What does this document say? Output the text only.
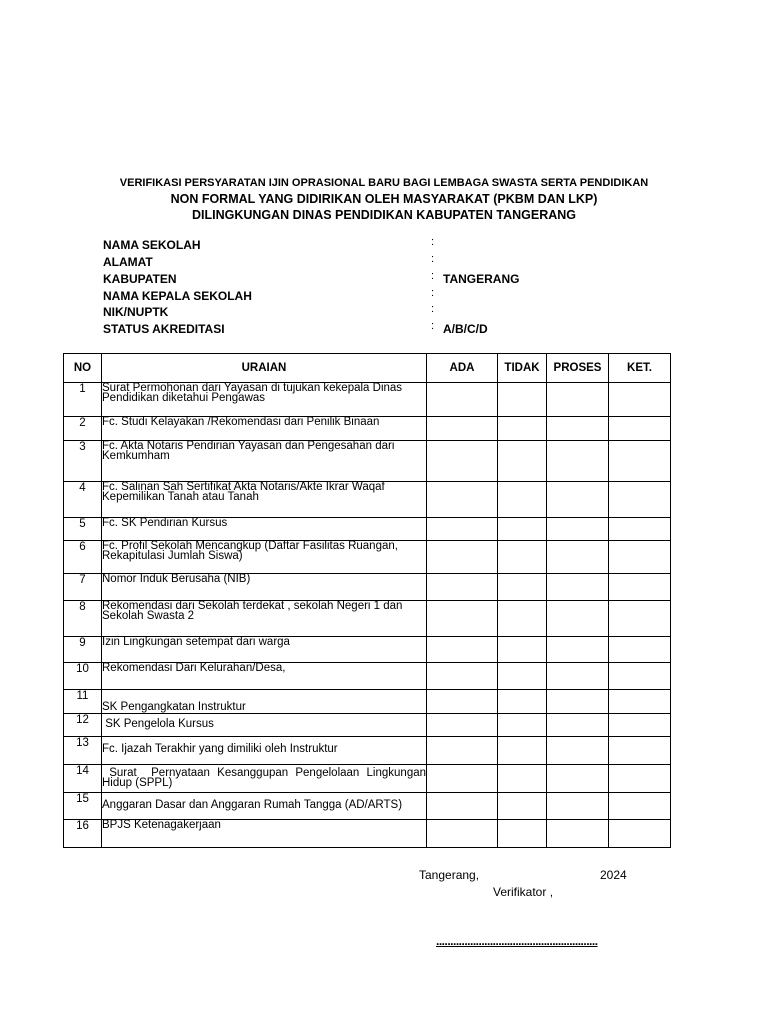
VERIFIKASI PERSYARATAN IJIN OPRASIONAL BARU BAGI LEMBAGA SWASTA SERTA PENDIDIKAN
NON FORMAL YANG DIDIRIKAN OLEH MASYARAKAT (PKBM DAN LKP)
DILINGKUNGAN DINAS PENDIDIKAN KABUPATEN TANGERANG
NAMA SEKOLAH	:
ALAMAT	:
KABUPATEN	: TANGERANG
NAMA KEPALA SEKOLAH	:
NIK/NUPTK	:
STATUS AKREDITASI	: A/B/C/D
NO	URAIAN	ADA	TIDAK	PROSES	KET.
1	Surat Permohonan dari Yayasan di tujukan kekepala Dinas Pendidikan diketahui Pengawas				
2	Fc. Studi Kelayakan /Rekomendasi dari Penilik Binaan				
3	Fc. Akta Notaris Pendirian Yayasan dan Pengesahan dari Kemkumham				
4	Fc. Salinan Sah Sertifikat Akta Notaris/Akte Ikrar Waqaf Kepemilikan Tanah atau Tanah				
5	Fc. SK Pendirian Kursus				
6	Fc. Profil Sekolah Mencangkup (Daftar Fasilitas Ruangan, Rekapitulasi Jumlah Siswa)				
7	Nomor Induk Berusaha (NIB)				
8	Rekomendasi dari Sekolah terdekat , sekolah Negeri 1 dan Sekolah Swasta 2				
9	Izin Lingkungan setempat dari warga				
10	Rekomendasi Dari Kelurahan/Desa,				
11	SK Pengangkatan Instruktur				
12	SK Pengelola Kursus				
13	Fc. Ijazah Terakhir yang dimiliki oleh Instruktur				
14	Surat    Pernyataan  Kesanggupan  Pengelolaan  Lingkungan Hidup (SPPL)				
15	Anggaran Dasar dan Anggaran Rumah Tangga (AD/ARTS)				
16	BPJS Ketenagakerjaan				
Tangerang,	2024
Verifikator ,
.........................................................
